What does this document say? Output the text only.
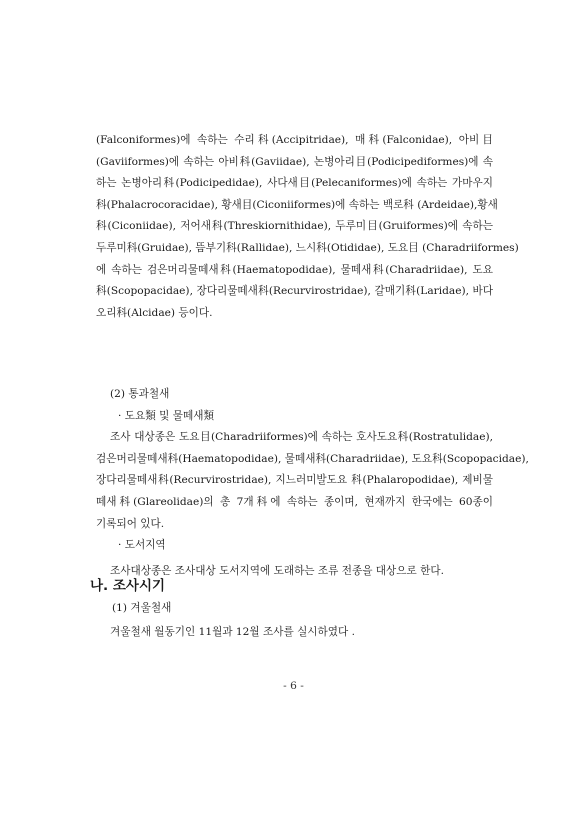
(Falconiformes)에 속하는 수리科(Accipitridae), 매科(Falconidae), 아비目
(Gaviiformes)에 속하는 아비科(Gaviidae), 논병아리目(Podicipediformes)에 속
하는 논병아리科(Podicipedidae), 사다새目(Pelecaniformes)에 속하는 가마우지
科(Phalacrocoracidae), 황새目(Ciconiiformes)에 속하는 백로科 (Ardeidae),황새
科(Ciconiidae), 저어새科(Threskiornithidae), 두루미目(Gruiformes)에 속하는
두루미科(Gruidae), 뜸부기科(Rallidae), 느시科(Otididae), 도요目 (Charadriiformes)
에 속하는 검은머리물떼새科(Haematopodidae), 물떼새科(Charadriidae), 도요
科(Scopopacidae), 장다리물떼새科(Recurvirostridae), 갈매기科(Laridae), 바다
오리科(Alcidae) 등이다.
(2) 통과철새
· 도요類 및 물떼새類
조사 대상종은 도요目(Charadriiformes)에 속하는 호사도요科(Rostratulidae),
검은머리물떼새科(Haematopodidae), 물떼새科(Charadriidae), 도요科(Scopopacidae),
장다리물떼새科(Recurvirostridae), 지느러미발도요 科(Phalaropodidae), 제비물
떼새科(Glareolidae)의 총 7개科에 속하는 종이며, 현재까지 한국에는 60종이
기록되어 있다.
· 도서지역
조사대상종은 조사대상 도서지역에 도래하는 조류 전종을 대상으로 한다.
나. 조사시기
(1) 겨울철새
겨울철새 월동기인 11월과 12월 조사를 실시하였다 .
- 6 -
